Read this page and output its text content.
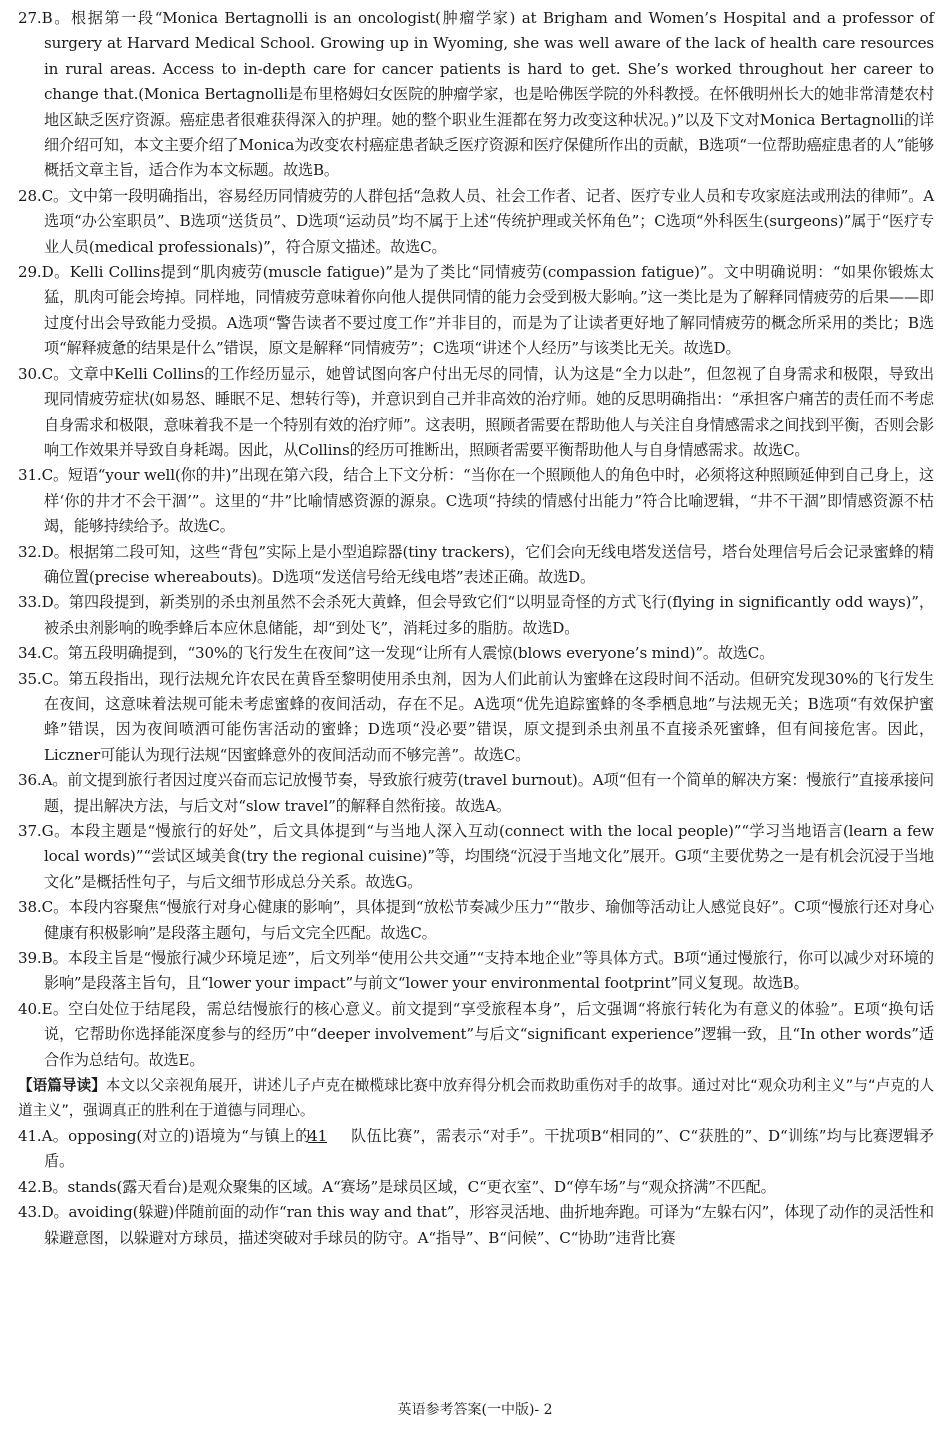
27.B。根据第一段“Monica Bertagnolli is an oncologist(肿瘤学家) at Brigham and Women’s Hospital and a professor of surgery at Harvard Medical School. Growing up in Wyoming, she was well aware of the lack of health care resources in rural areas. Access to in-depth care for cancer patients is hard to get. She’s worked throughout her career to change that.(Monica Bertagnolli是布里格姆妇女医院的肿瘤学家，也是哈佛医学院的外科教授。在怀俄明州长大的她非常清楚农村地区缺乏医疗资源。癌症患者很难获得深入的护理。她的整个职业生涯都在努力改变这种状况。)”以及下文对Monica Bertagnolli的详细介绍可知，本文主要介绍了Monica为改变农村癌症患者缺乏医疗资源和医疗保健所作出的贡献，B选项“一位帮助癌症患者的人”能够概括文章主旨，适合作为本文标题。故选B。
28.C。文中第一段明确指出，容易经历同情疲劳的人群包括“急救人员、社会工作者、记者、医疗专业人员和专攻家庭法或刑法的律师”。A选项“办公室职员”、B选项“送货员”、D选项“运动员”均不属于上述“传统护理或关怀角色”；C选项“外科医生(surgeons)”属于“医疗专业人员(medical professionals)”，符合原文描述。故选C。
29.D。Kelli Collins提到“肌肉疲劳(muscle fatigue)”是为了类比“同情疲劳(compassion fatigue)”。文中明确说明：“如果你锻炼太猛，肌肉可能会垮掉。同样地，同情疲劳意味着你向他人提供同情的能力会受到极大影响。”这一类比是为了解释同情疲劳的后果——即过度付出会导致能力受损。A选项“警告读者不要过度工作”并非目的，而是为了让读者更好地了解同情疲劳的概念所采用的类比；B选项“解释疲惫的结果是什么”错误，原文是解释“同情疲劳”；C选项“讲述个人经历”与该类比无关。故选D。
30.C。文章中Kelli Collins的工作经历显示，她曾试图向客户付出无尽的同情，认为这是“全力以赴”，但忽视了自身需求和极限，导致出现同情疲劳症状(如易怒、睡眠不足、想转行等)，并意识到自己并非高效的治疗师。她的反思明确指出：“承担客户痛苦的责任而不考虑自身需求和极限，意味着我不是一个特别有效的治疗师”。这表明，照顾者需要在帮助他人与关注自身情感需求之间找到平衡，否则会影响工作效果并导致自身耗竭。因此，从Collins的经历可推断出，照顾者需要平衡帮助他人与自身情感需求。故选C。
31.C。短语“your well(你的井)”出现在第六段，结合上下文分析：“当你在一个照顾他人的角色中时，必须将这种照顾延伸到自己身上，这样‘你的井才不会干涸’”。这里的“井”比喻情感资源的源泉。C选项“持续的情感付出能力”符合比喻逻辑，“井不干涸”即情感资源不枯竭，能够持续给予。故选C。
32.D。根据第二段可知，这些“背包”实际上是小型追踪器(tiny trackers)，它们会向无线电塔发送信号，塔台处理信号后会记录蜜蜂的精确位置(precise whereabouts)。D选项“发送信号给无线电塔”表述正确。故选D。
33.D。第四段提到，新类别的杀虫剂虽然不会杀死大黄蜂，但会导致它们“以明显奇怪的方式飞行(flying in significantly odd ways)”，被杀虫剂影响的晚季蜂后本应休息储能，却“到处飞”，消耗过多的脂肪。故选D。
34.C。第五段明确提到，“30%的飞行发生在夜间”这一发现“让所有人震惊(blows everyone’s mind)”。故选C。
35.C。第五段指出，现行法规允许农民在黄昏至黎明使用杀虫剂，因为人们此前认为蜜蜂在这段时间不活动。但研究发现30%的飞行发生在夜间，这意味着法规可能未考虑蜜蜂的夜间活动，存在不足。A选项“优先追踪蜜蜂的冬季栖息地”与法规无关；B选项“有效保护蜜蜂”错误，因为夜间喷洒可能伤害活动的蜜蜂；D选项“没必要”错误，原文提到杀虫剂虽不直接杀死蜜蜂，但有间接危害。因此，Liczner可能认为现行法规“因蜜蜂意外的夜间活动而不够完善”。故选C。
36.A。前文提到旅行者因过度兴奋而忘记放慢节奏，导致旅行疲劳(travel burnout)。A项“但有一个简单的解决方案：慢旅行”直接承接问题，提出解决方法，与后文对“slow travel”的解释自然衔接。故选A。
37.G。本段主题是“慢旅行的好处”，后文具体提到“与当地人深入互动(connect with the local people)”“学习当地语言(learn a few local words)”“尝试区域美食(try the regional cuisine)”等，均围绕“沉浸于当地文化”展开。G项“主要优势之一是有机会沉浸于当地文化”是概括性句子，与后文细节形成总分关系。故选G。
38.C。本段内容聚焦“慢旅行对身心健康的影响”，具体提到“放松节奏减少压力”“散步、瑜伽等活动让人感觉良好”。C项“慢旅行还对身心健康有积极影响”是段落主题句，与后文完全匹配。故选C。
39.B。本段主旨是“慢旅行减少环境足迹”，后文列举“使用公共交通”“支持本地企业”等具体方式。B项“通过慢旅行，你可以减少对环境的影响”是段落主旨句，且“lower your impact”与前文“lower your environmental footprint”同义复现。故选B。
40.E。空白处位于结尾段，需总结慢旅行的核心意义。前文提到“享受旅程本身”，后文强调“将旅行转化为有意义的体验”。E项“换句话说，它帮助你选择能深度参与的经历”中“deeper involvement”与后文“significant experience”逻辑一致，且“In other words”适合作为总结句。故选E。
【语篇导读】本文以父亲视角展开，讲述儿子卢克在橄榄球比赛中放弃得分机会而救助重伤对手的故事。通过对比“观众功利主义”与“卢克的人道主义”，强调真正的胜利在于道德与同理心。
41.A。opposing(对立的)语境为“与镇上的41 队伍比赛”，需表示“对手”。干扰项B“相同的”、C“获胜的”、D“训练”均与比赛逻辑矛盾。
42.B。stands(露天看台)是观众聚集的区域。A“赛场”是球员区域，C“更衣室”、D“停车场”与“观众挤满”不匹配。
43.D。avoiding(躲避)伴随前面的动作“ran this way and that”，形容灵活地、曲折地奔跑。可译为“左躲右闪”，体现了动作的灵活性和躲避意图，以躲避对方球员，描述突破对手球员的防守。A“指导”、B“问候”、C“协助”违背比赛
英语参考答案(一中版)- 2
